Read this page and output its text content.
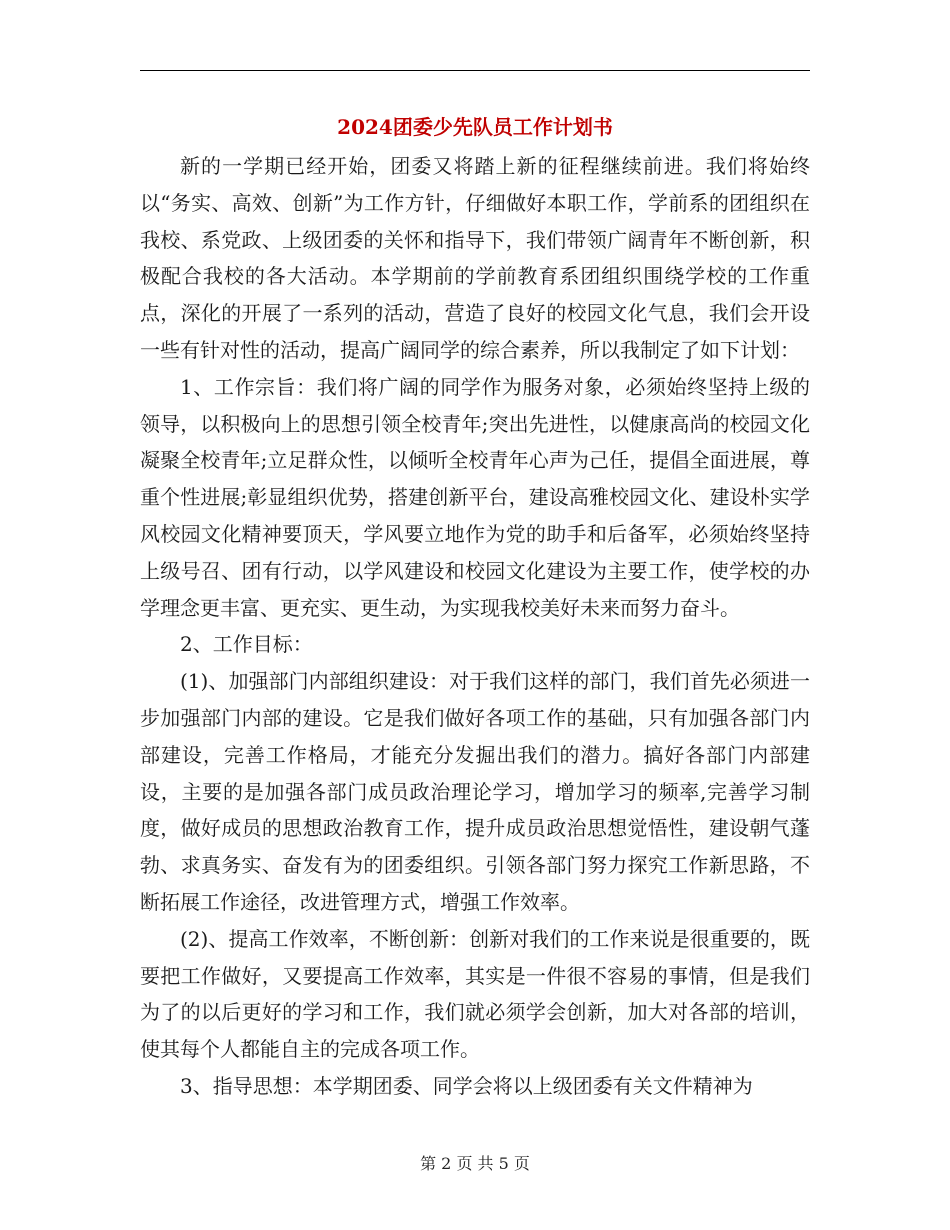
2024团委少先队员工作计划书

新的一学期已经开始，团委又将踏上新的征程继续前进。我们将始终以“务实、高效、创新”为工作方针，仔细做好本职工作，学前系的团组织在我校、系党政、上级团委的关怀和指导下，我们带领广阔青年不断创新，积极配合我校的各大活动。本学期前的学前教育系团组织围绕学校的工作重点，深化的开展了一系列的活动，营造了良好的校园文化气息，我们会开设一些有针对性的活动，提高广阔同学的综合素养，所以我制定了如下计划：

1、工作宗旨：我们将广阔的同学作为服务对象，必须始终坚持上级的领导，以积极向上的思想引领全校青年;突出先进性，以健康高尚的校园文化凝聚全校青年;立足群众性，以倾听全校青年心声为己任，提倡全面进展，尊重个性进展;彰显组织优势，搭建创新平台，建设高雅校园文化、建设朴实学风校园文化精神要顶天，学风要立地作为党的助手和后备军，必须始终坚持上级号召、团有行动，以学风建设和校园文化建设为主要工作，使学校的办学理念更丰富、更充实、更生动，为实现我校美好未来而努力奋斗。

2、工作目标：

(1)、加强部门内部组织建设：对于我们这样的部门，我们首先必须进一步加强部门内部的建设。它是我们做好各项工作的基础，只有加强各部门内部建设，完善工作格局，才能充分发掘出我们的潜力。搞好各部门内部建设，主要的是加强各部门成员政治理论学习，增加学习的频率,完善学习制度，做好成员的思想政治教育工作，提升成员政治思想觉悟性，建设朝气蓬勃、求真务实、奋发有为的团委组织。引领各部门努力探究工作新思路，不断拓展工作途径，改进管理方式，增强工作效率。

(2)、提高工作效率，不断创新：创新对我们的工作来说是很重要的，既要把工作做好，又要提高工作效率，其实是一件很不容易的事情，但是我们为了的以后更好的学习和工作，我们就必须学会创新，加大对各部的培训，使其每个人都能自主的完成各项工作。

3、指导思想：本学期团委、同学会将以上级团委有关文件精神为

第 2 页 共 5 页
